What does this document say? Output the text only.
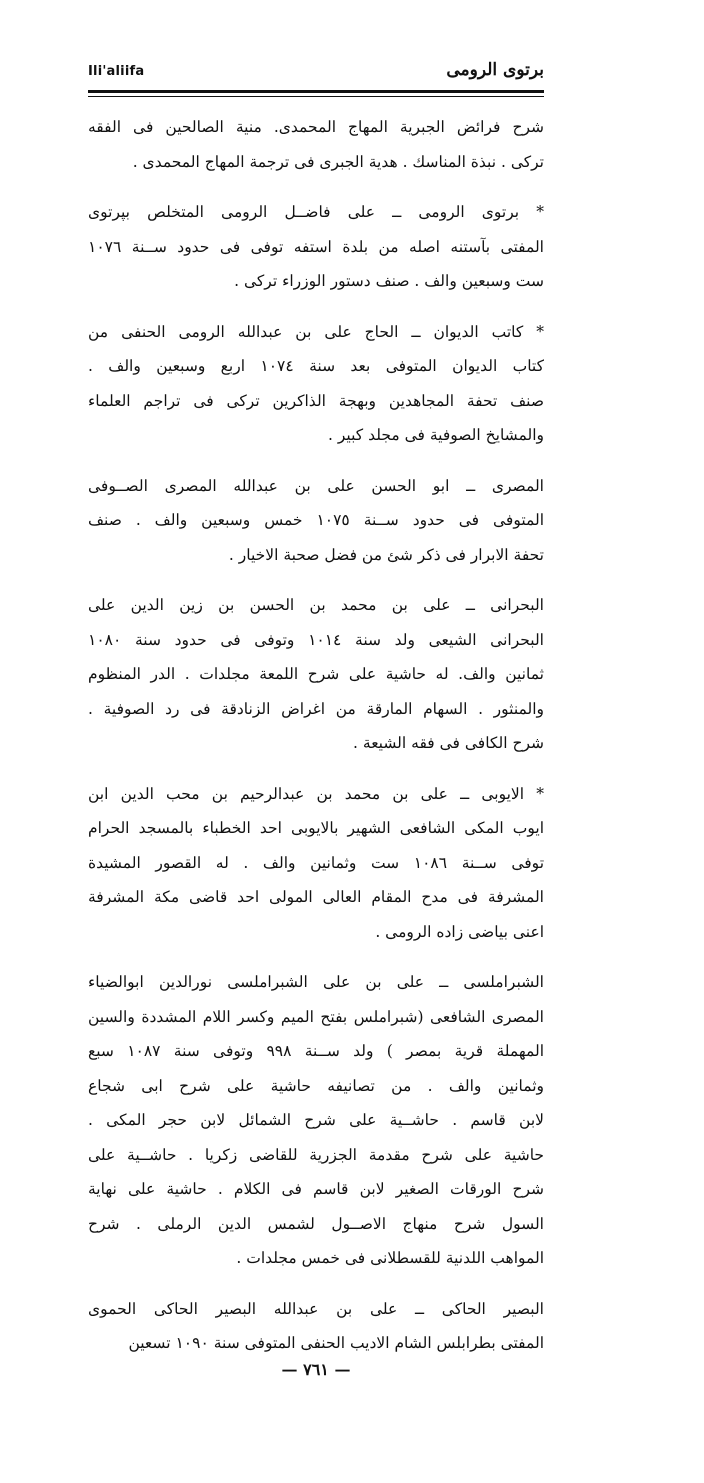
Ili'aliifa	برتوى الرومى
شرح فرائض الجبرية المهاج المحمدى. منية الصالحين فى الفقه
تركى . نبذة المناسك . هدية الجبرى فى ترجمة المهاج المحمدى .
* برتوى الرومى ــ على فاضــل الرومى المتخلص بپرتوى
المفتى بآستنه اصله من بلدة استفه توفى فى حدود ســنة ١٠٧٦
ست وسبعين والف . صنف دستور الوزراء تركى .
* كاتب الديوان ــ الحاج على بن عبدالله الرومى الحنفى من
كتاب الديوان المتوفى بعد سنة ١٠٧٤ اربع وسبعين والف .
صنف تحفة المجاهدين وبهجة الذاكرين تركى فى تراجم العلماء
والمشايخ الصوفية فى مجلد كبير .
المصرى ــ ابو الحسن على بن عبدالله المصرى الصــوفى
المتوفى فى حدود ســنة ١٠٧٥ خمس وسبعين والف . صنف
تحفة الابرار فى ذكر شئ من فضل صحبة الاخيار .
البحرانى ــ على بن محمد بن الحسن بن زين الدين على
البحرانى الشيعى ولد سنة ١٠١٤ وتوفى فى حدود سنة ١٠٨٠
ثمانين والف. له حاشية على شرح اللمعة مجلدات . الدر المنظوم
والمنثور . السهام المارقة من اغراض الزنادقة فى رد الصوفية .
شرح الكافى فى فقه الشيعة .
* الايوبى ــ على بن محمد بن عبدالرحيم بن محب الدين ابن
ايوب المكى الشافعى الشهير بالايوبى احد الخطباء بالمسجد الحرام
توفى ســنة ١٠٨٦ ست وثمانين والف . له القصور المشيدة
المشرفة فى مدح المقام العالى المولى احد قاضى مكة المشرفة
اعنى بياضى زاده الرومى .
الشبراملسى ــ على بن على الشبراملسى نورالدين ابوالضياء
المصرى الشافعى (شبراملس بفتح الميم وكسر اللام المشددة والسين
المهملة قرية بمصر ) ولد ســنة ٩٩٨ وتوفى سنة ١٠٨٧ سبع
وثمانين والف . من تصانيفه حاشية على شرح ابى شجاع
لابن قاسم . حاشــية على شرح الشمائل لابن حجر المكى .
حاشية على شرح مقدمة الجزرية للقاضى زكريا . حاشــية على
شرح الورقات الصغير لابن قاسم فى الكلام . حاشية على نهاية
السول شرح منهاج الاصــول لشمس الدين الرملى . شرح
المواهب اللدنية للقسطلانى فى خمس مجلدات .
البصير الحاكى ــ على بن عبدالله البصير الحاكى الحموى
المفتى بطرابلس الشام الاديب الحنفى المتوفى سنة ١٠٩٠ تسعين
— ٧٦١ —
